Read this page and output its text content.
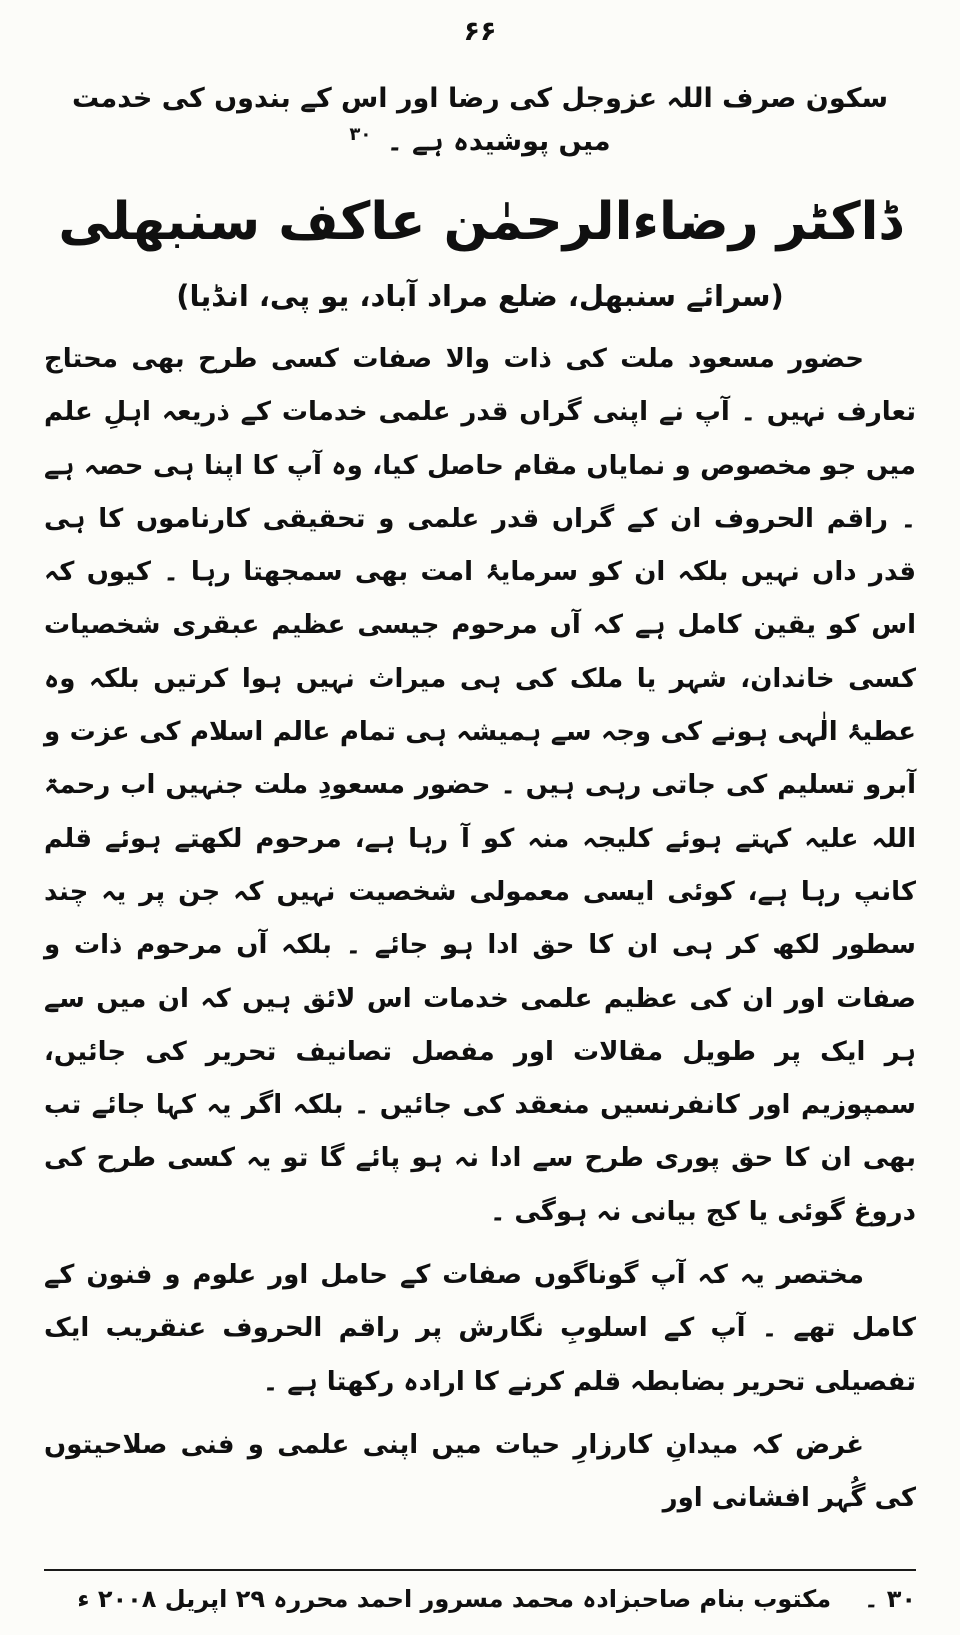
۶۶
سکون صرف اللہ عزوجل کی رضا اور اس کے بندوں کی خدمت میں پوشیدہ ہے ۔ $^{۳۰}$
ڈاکٹر رضاءالرحمٰن عاکف سنبھلی
(سرائے سنبھل، ضلع مراد آباد، یو پی، انڈیا)

حضور مسعود ملت کی ذات والا صفات کسی طرح بھی محتاج تعارف نہیں ۔ آپ نے اپنی گراں قدر علمی خدمات کے ذریعہ اہلِ علم میں جو مخصوص و نمایاں مقام حاصل کیا، وہ آپ کا اپنا ہی حصہ ہے ۔ راقم الحروف ان کے گراں قدر علمی و تحقیقی کارناموں کا ہی قدر داں نہیں بلکہ ان کو سرمایۂ امت بھی سمجھتا رہا ۔ کیوں کہ اس کو یقین کامل ہے کہ آں مرحوم جیسی عظیم عبقری شخصیات کسی خاندان، شہر یا ملک کی ہی میراث نہیں ہوا کرتیں بلکہ وہ عطیۂ الٰہی ہونے کی وجہ سے ہمیشہ ہی تمام عالم اسلام کی عزت و آبرو تسلیم کی جاتی رہی ہیں ۔ حضور مسعودِ ملت جنہیں اب رحمۃ اللہ علیہ کہتے ہوئے کلیجہ منہ کو آ رہا ہے، مرحوم لکھتے ہوئے قلم کانپ رہا ہے، کوئی ایسی معمولی شخصیت نہیں کہ جن پر یہ چند سطور لکھ کر ہی ان کا حق ادا ہو جائے ۔ بلکہ آں مرحوم ذات و صفات اور ان کی عظیم علمی خدمات اس لائق ہیں کہ ان میں سے ہر ایک پر طویل مقالات اور مفصل تصانیف تحریر کی جائیں، سمپوزیم اور کانفرنسیں منعقد کی جائیں ۔ بلکہ اگر یہ کہا جائے تب بھی ان کا حق پوری طرح سے ادا نہ ہو پائے گا تو یہ کسی طرح کی دروغ گوئی یا کج بیانی نہ ہوگی ۔

مختصر یہ کہ آپ گوناگوں صفات کے حامل اور علوم و فنون کے کامل تھے ۔ آپ کے اسلوبِ نگارش پر راقم الحروف عنقریب ایک تفصیلی تحریر بضابطہ قلم کرنے کا ارادہ رکھتا ہے ۔

غرض کہ میدانِ کارزارِ حیات میں اپنی علمی و فنی صلاحیتوں کی گُہر افشانی اور

۳۰ ۔
مکتوب بنام صاحبزادہ محمد مسرور احمد محررہ ۲۹ اپریل ۲۰۰۸ ء
